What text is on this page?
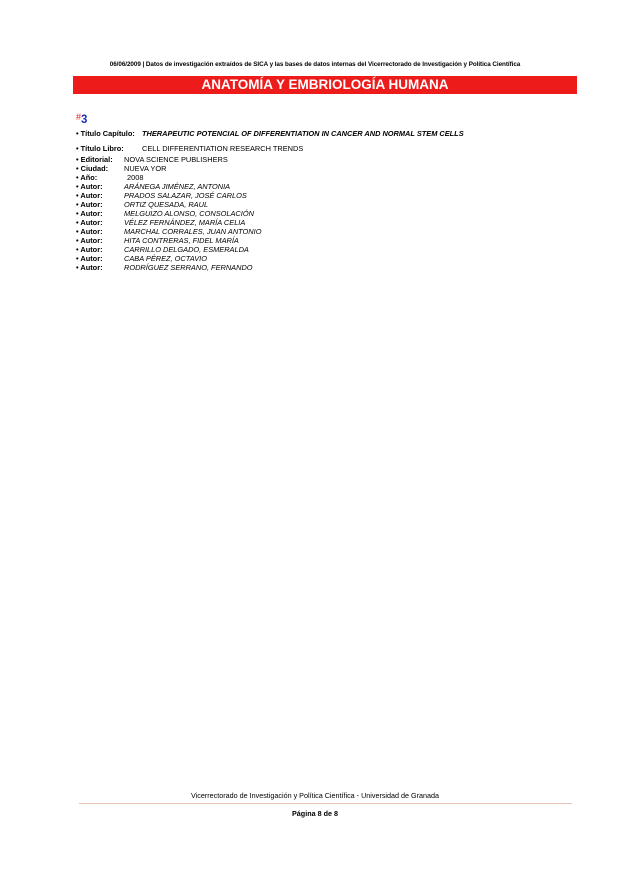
06/06/2009 | Datos de investigación extraídos de SICA y las bases de datos internas del Vicerrectorado de Investigación y Política Científica
ANATOMÍA Y EMBRIOLOGÍA HUMANA
#3
• Título Capítulo: THERAPEUTIC POTENCIAL OF DIFFERENTIATION IN CANCER AND NORMAL STEM CELLS
• Título Libro: CELL DIFFERENTIATION RESEARCH TRENDS
• Editorial: NOVA SCIENCE PUBLISHERS
• Ciudad: NUEVA YOR
• Año:	2008
• Autor:	ARÁNEGA JIMÉNEZ, ANTONIA
• Autor:	PRADOS SALAZAR, JOSÉ CARLOS
• Autor:	ORTIZ QUESADA, RAUL
• Autor:	MELGUIZO ALONSO, CONSOLACIÓN
• Autor:	VÉLEZ FERNÁNDEZ, MARÍA CELIA
• Autor:	MARCHAL CORRALES, JUAN ANTONIO
• Autor:	HITA CONTRERAS, FIDEL MARÍA
• Autor:	CARRILLO DELGADO, ESMERALDA
• Autor:	CABA PÉREZ, OCTAVIO
• Autor:	RODRÍGUEZ SERRANO, FERNANDO
Vicerrectorado de Investigación y Política Científica - Universidad de Granada
Página 8 de 8
